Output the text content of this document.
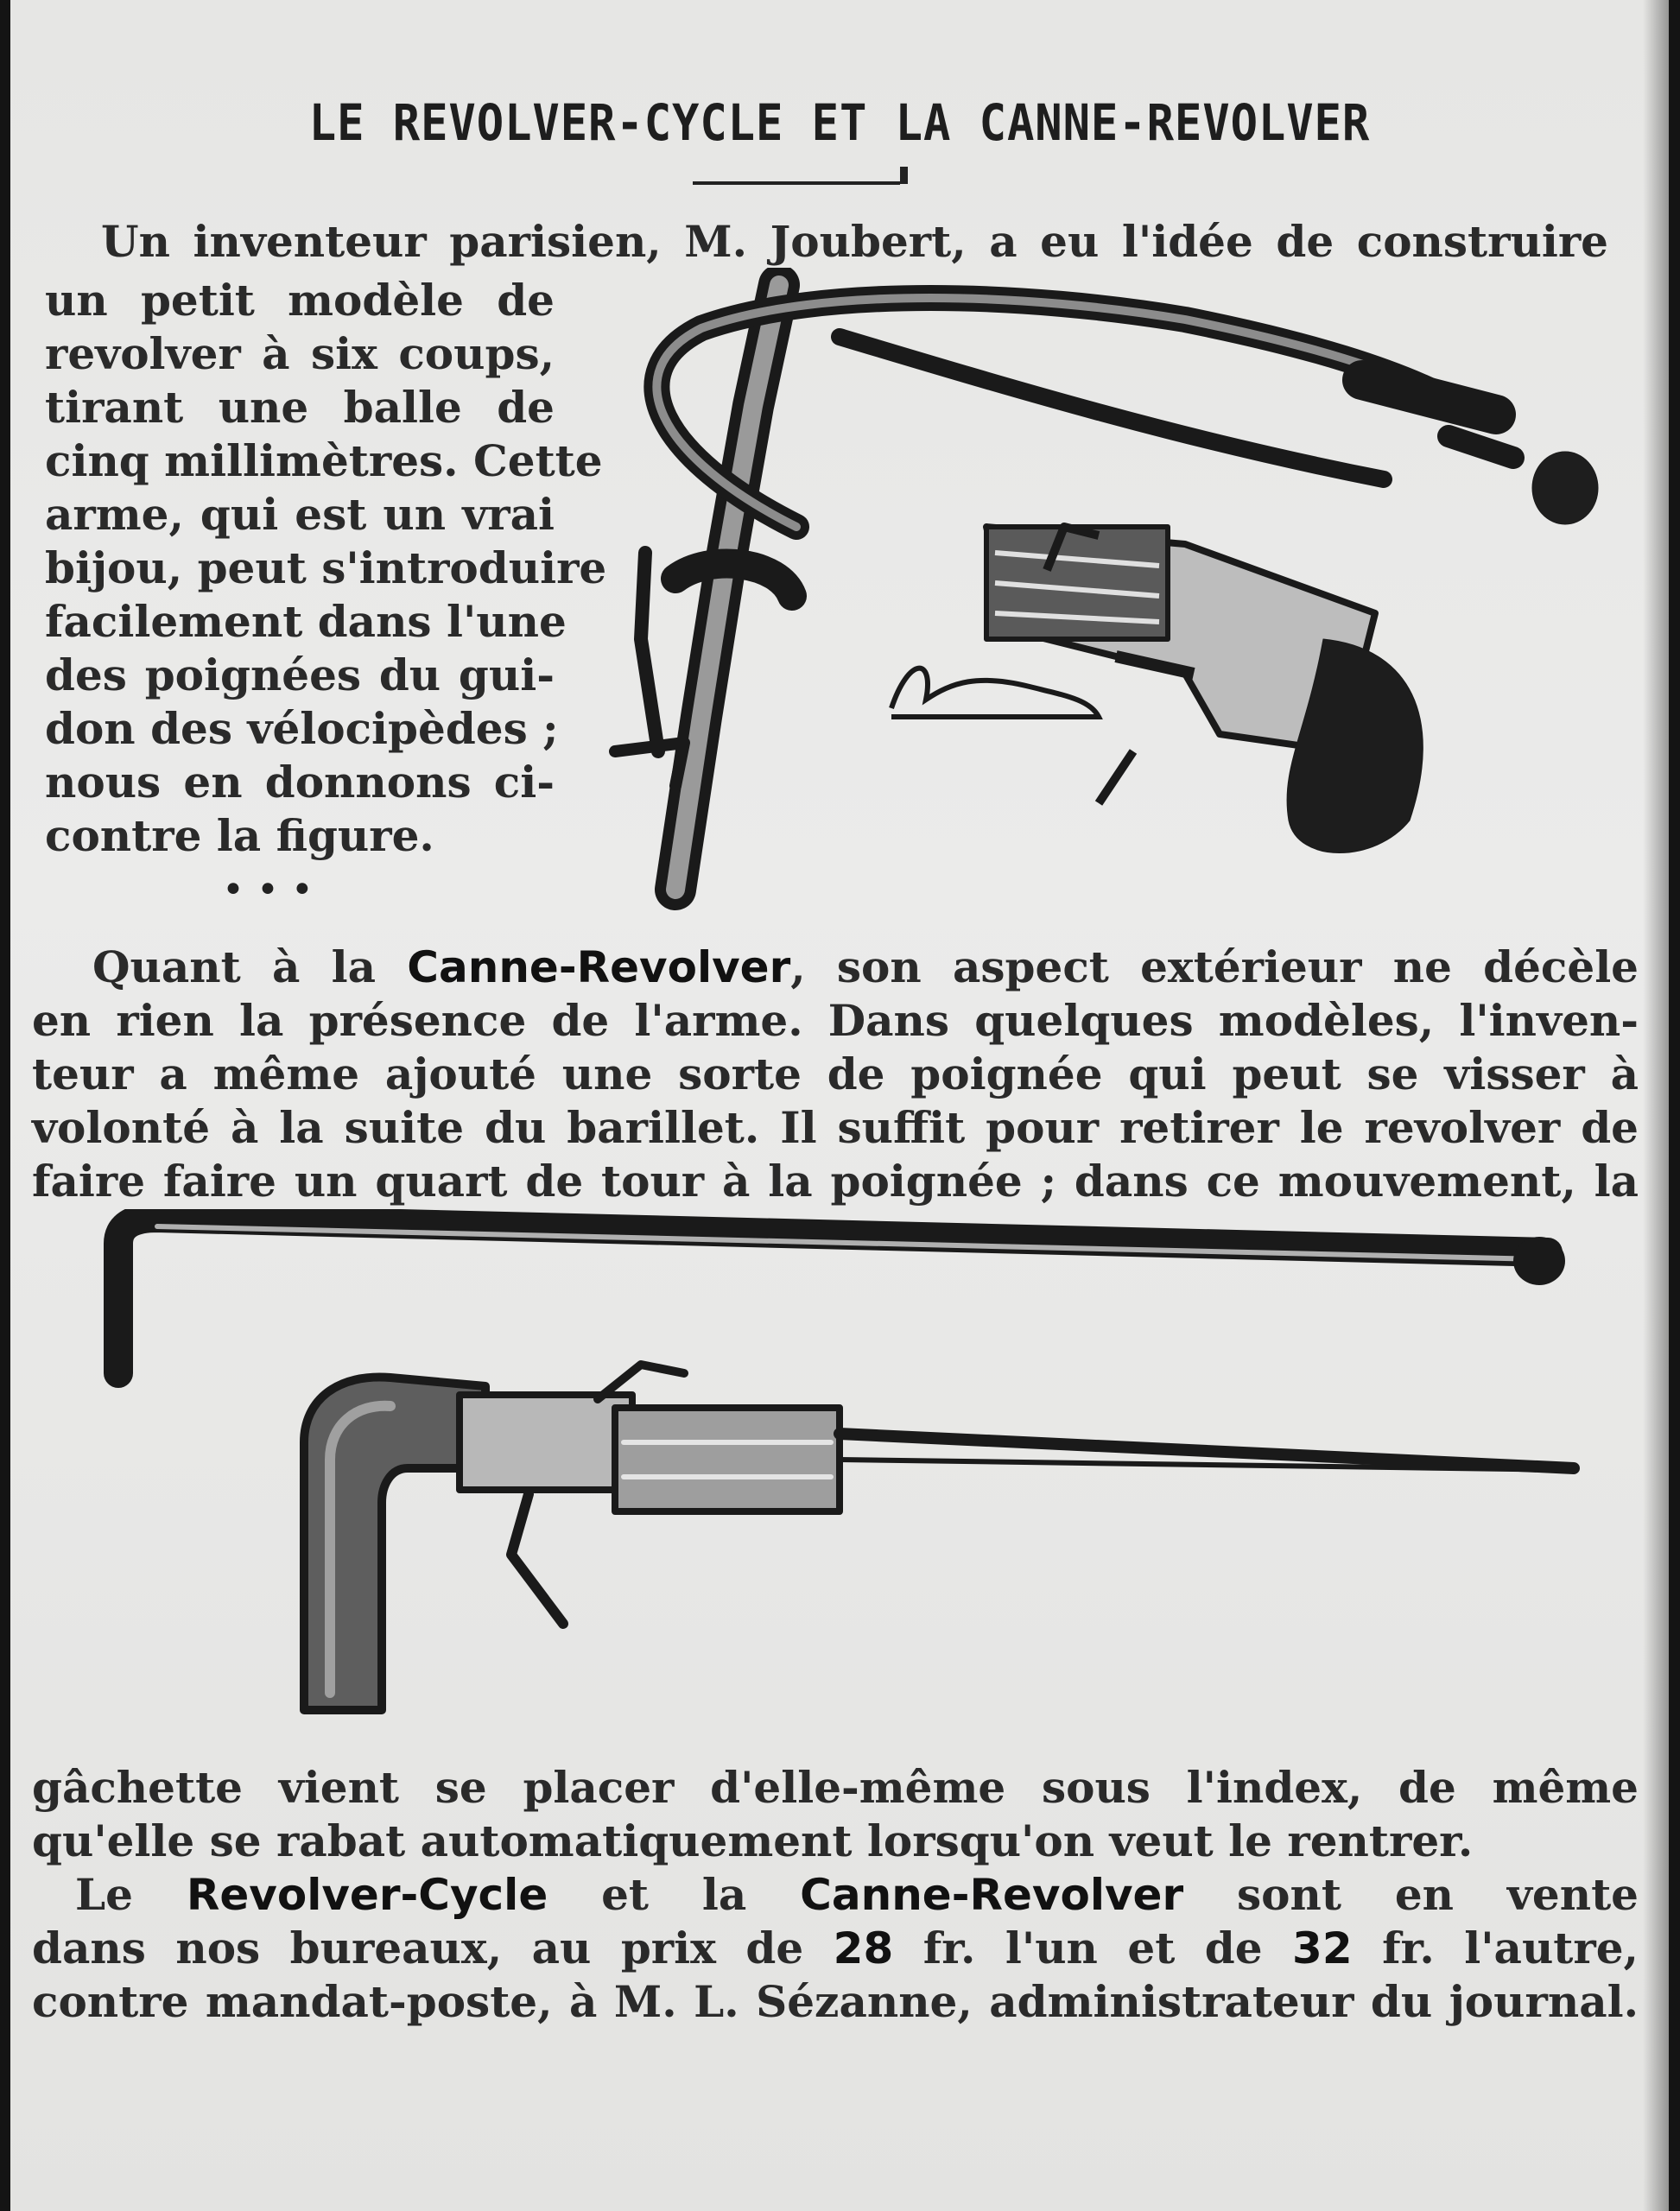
LE REVOLVER-CYCLE ET LA CANNE-REVOLVER
Un inventeur parisien, M. Joubert, a eu l'idée de construire
un petit modèle de
revolver à six coups,
tirant une balle de
cinq millimètres. Cette
arme, qui est un vrai
bijou, peut s'introduire
facilement dans l'une
des poignées du gui-
don des vélocipèdes ;
nous en donnons ci-
contre la figure.
• • •
Quant à la Canne-Revolver, son aspect extérieur ne décèle
en rien la présence de l'arme. Dans quelques modèles, l'inven-
teur a même ajouté une sorte de poignée qui peut se visser à
volonté à la suite du barillet. Il suffit pour retirer le revolver de
faire faire un quart de tour à la poignée ; dans ce mouvement, la
gâchette vient se placer d'elle-même sous l'index, de même
qu'elle se rabat automatiquement lorsqu'on veut le rentrer.
Le Revolver-Cycle et la Canne-Revolver sont en vente
dans nos bureaux, au prix de 28 fr. l'un et de 32 fr. l'autre,
contre mandat-poste, à M. L. Sézanne, administrateur du journal.
